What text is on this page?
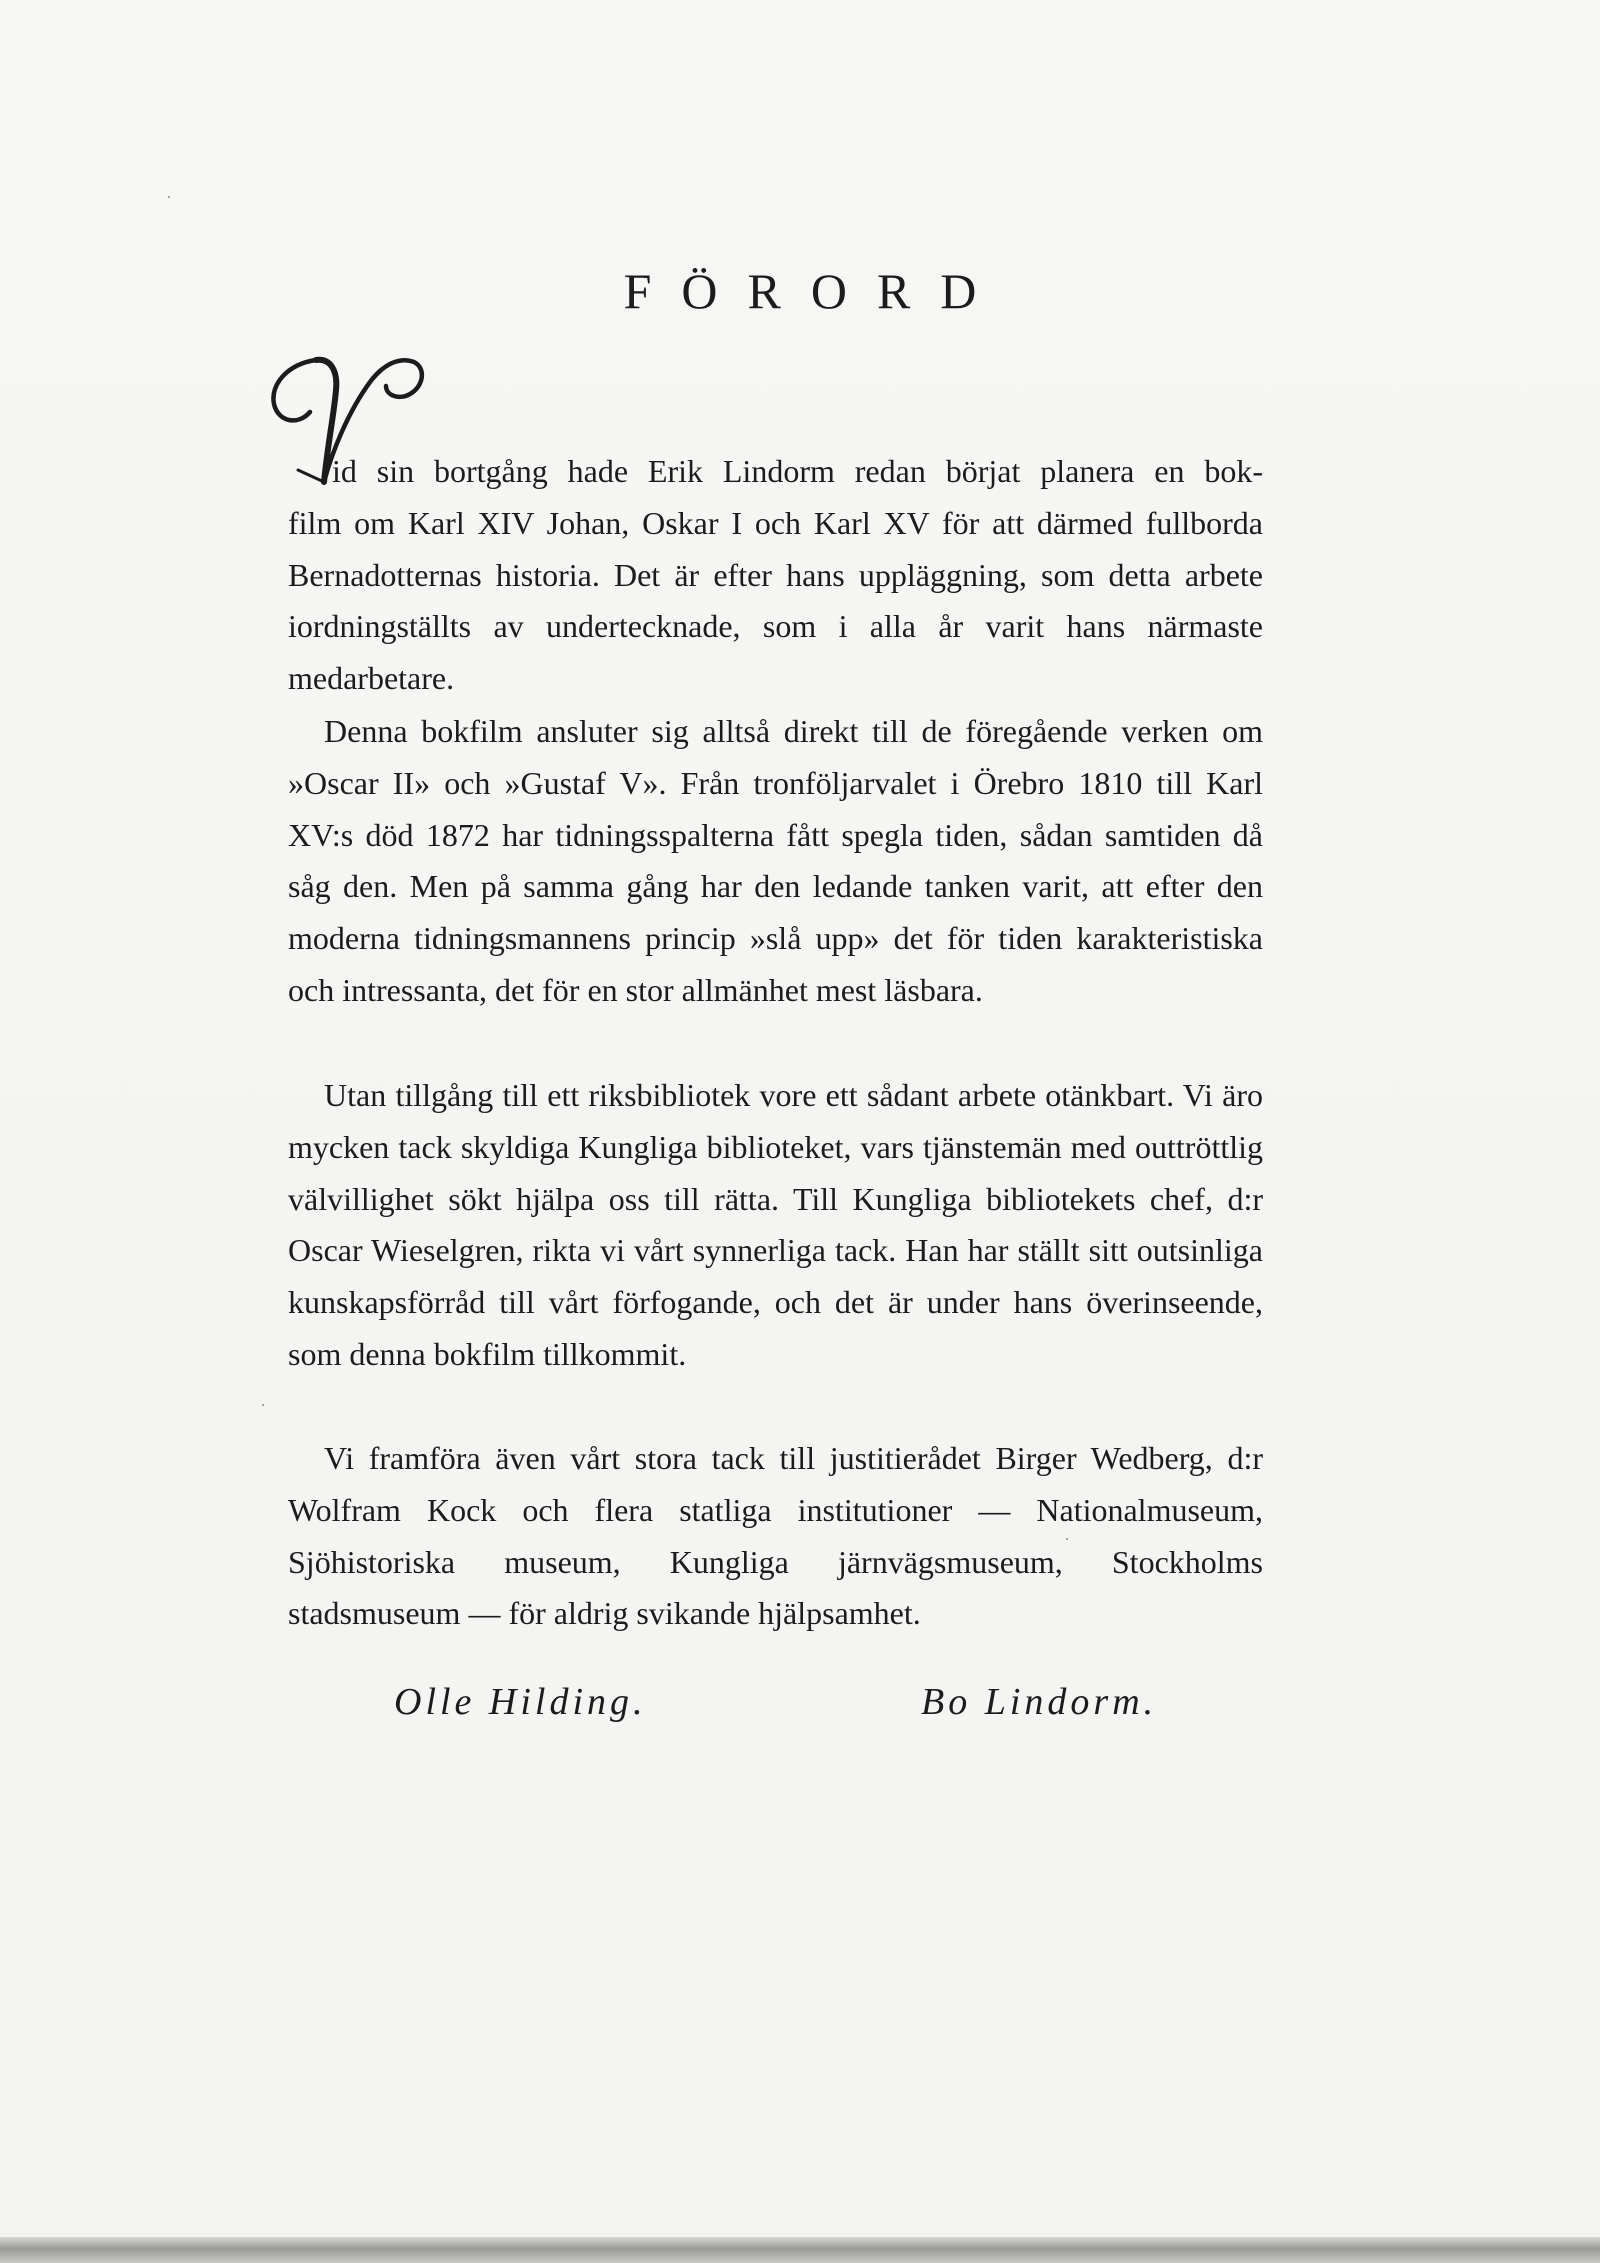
FÖRORD

id sin bortgång hade Erik Lindorm redan börjat planera en bok-
film om Karl XIV Johan, Oskar I och Karl XV för att därmed fullborda Bernadotternas historia. Det är efter hans uppläggning, som detta arbete iordningställts av undertecknade, som i alla år varit hans närmaste medarbetare.

Denna bokfilm ansluter sig alltså direkt till de föregående verken om »Oscar II» och »Gustaf V». Från tronföljarvalet i Örebro 1810 till Karl XV:s död 1872 har tidningsspalterna fått spegla tiden, sådan samtiden då såg den. Men på samma gång har den ledande tanken varit, att efter den moderna tidningsmannens princip »slå upp» det för tiden karakteristiska och intressanta, det för en stor allmänhet mest läsbara.

Utan tillgång till ett riksbibliotek vore ett sådant arbete otänkbart. Vi äro mycken tack skyldiga Kungliga biblioteket, vars tjänstemän med outtröttlig välvillighet sökt hjälpa oss till rätta. Till Kungliga bibliotekets chef, d:r Oscar Wieselgren, rikta vi vårt synnerliga tack. Han har ställt sitt outsinliga kunskapsförråd till vårt förfogande, och det är under hans överinseende, som denna bokfilm tillkommit.

Vi framföra även vårt stora tack till justitierådet Birger Wedberg, d:r Wolfram Kock och flera statliga institutioner — Nationalmuseum, Sjöhistoriska museum, Kungliga järnvägsmuseum, Stockholms stadsmuseum — för aldrig svikande hjälpsamhet.

Olle Hilding.	Bo Lindorm.
